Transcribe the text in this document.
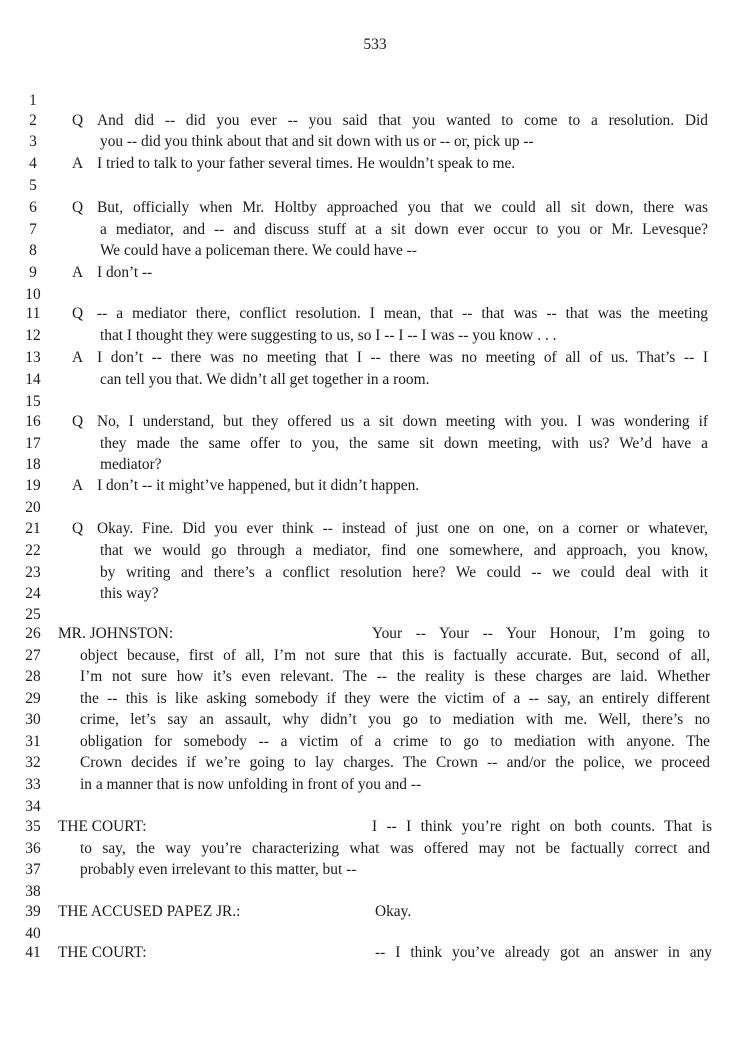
533
1
2	Q And did -- did you ever -- you said that you wanted to come to a resolution. Did
3	you -- did you think about that and sit down with us or -- or, pick up --
4	A I tried to talk to your father several times. He wouldn’t speak to me.
5
6	Q But, officially when Mr. Holtby approached you that we could all sit down, there was
7	a mediator, and -- and discuss stuff at a sit down ever occur to you or Mr. Levesque?
8	We could have a policeman there. We could have --
9	A I don’t --
10
11	Q -- a mediator there, conflict resolution. I mean, that -- that was -- that was the meeting
12	that I thought they were suggesting to us, so I -- I -- I was -- you know . . .
13	A I don’t -- there was no meeting that I -- there was no meeting of all of us. That’s -- I
14	can tell you that. We didn’t all get together in a room.
15
16	Q No, I understand, but they offered us a sit down meeting with you. I was wondering if
17	they made the same offer to you, the same sit down meeting, with us? We’d have a
18	mediator?
19	A I don’t -- it might’ve happened, but it didn’t happen.
20
21	Q Okay. Fine. Did you ever think -- instead of just one on one, on a corner or whatever,
22	that we would go through a mediator, find one somewhere, and approach, you know,
23	by writing and there’s a conflict resolution here? We could -- we could deal with it
24	this way?
25
26	MR. JOHNSTON:	Your -- Your -- Your Honour, I’m going to
27	object because, first of all, I’m not sure that this is factually accurate. But, second of all,
28	I’m not sure how it’s even relevant. The -- the reality is these charges are laid. Whether
29	the -- this is like asking somebody if they were the victim of a -- say, an entirely different
30	crime, let’s say an assault, why didn’t you go to mediation with me. Well, there’s no
31	obligation for somebody -- a victim of a crime to go to mediation with anyone. The
32	Crown decides if we’re going to lay charges. The Crown -- and/or the police, we proceed
33	in a manner that is now unfolding in front of you and --
34
35	THE COURT:	I -- I think you’re right on both counts. That is
36	to say, the way you’re characterizing what was offered may not be factually correct and
37	probably even irrelevant to this matter, but --
38
39	THE ACCUSED PAPEZ JR.:	Okay.
40
41	THE COURT:	-- I think you’ve already got an answer in any
